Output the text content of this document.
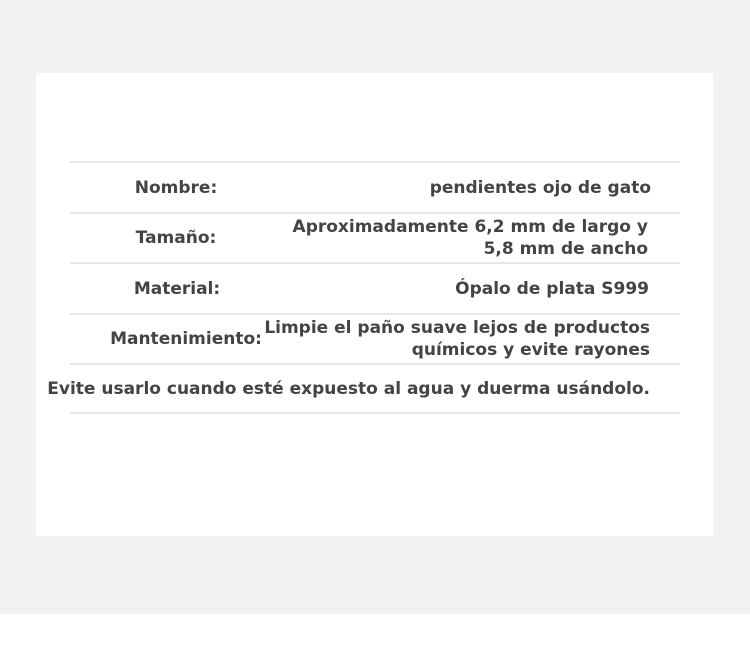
Nombre:	pendientes ojo de gato
Tamaño:
Aproximadamente 6,2 mm de largo y
5,8 mm de ancho
Material:	Ópalo de plata S999
Mantenimiento:
Limpie el paño suave lejos de productos
químicos y evite rayones
Evite usarlo cuando esté expuesto al agua y duerma usándolo.
